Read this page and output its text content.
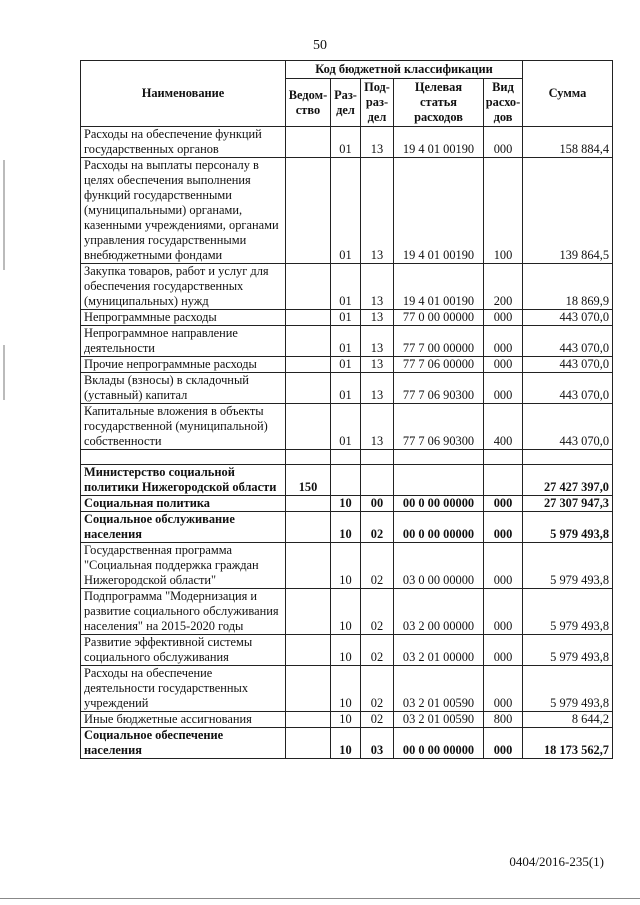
50
Наименование	Код бюджетной классификации					Сумма
	Ведом-ство	Раз-дел	Под-раз-дел	Целевая статья расходов	Вид расхо-дов	
Расходы на обеспечение функций государственных органов		01	13	19 4 01 00190	000	158 884,4
Расходы на выплаты персоналу в целях обеспечения выполнения функций государственными (муниципальными) органами, казенными учреждениями, органами управления государственными внебюджетными фондами		01	13	19 4 01 00190	100	139 864,5
Закупка товаров, работ и услуг для обеспечения государственных (муниципальных) нужд		01	13	19 4 01 00190	200	18 869,9
Непрограммные расходы		01	13	77 0 00 00000	000	443 070,0
Непрограммное направление деятельности		01	13	77 7 00 00000	000	443 070,0
Прочие непрограммные расходы		01	13	77 7 06 00000	000	443 070,0
Вклады (взносы) в складочный (уставный) капитал		01	13	77 7 06 90300	000	443 070,0
Капитальные вложения в объекты государственной (муниципальной) собственности		01	13	77 7 06 90300	400	443 070,0

Министерство социальной политики Нижегородской области	150					27 427 397,0
Социальная политика		10	00	00 0 00 00000	000	27 307 947,3
Социальное обслуживание населения		10	02	00 0 00 00000	000	5 979 493,8
Государственная программа "Социальная поддержка граждан Нижегородской области"		10	02	03 0 00 00000	000	5 979 493,8
Подпрограмма "Модернизация и развитие социального обслуживания населения" на 2015-2020 годы		10	02	03 2 00 00000	000	5 979 493,8
Развитие эффективной системы социального обслуживания		10	02	03 2 01 00000	000	5 979 493,8
Расходы на обеспечение деятельности государственных учреждений		10	02	03 2 01 00590	000	5 979 493,8
Иные бюджетные ассигнования		10	02	03 2 01 00590	800	8 644,2
Социальное обеспечение населения		10	03	00 0 00 00000	000	18 173 562,7
0404/2016-235(1)
